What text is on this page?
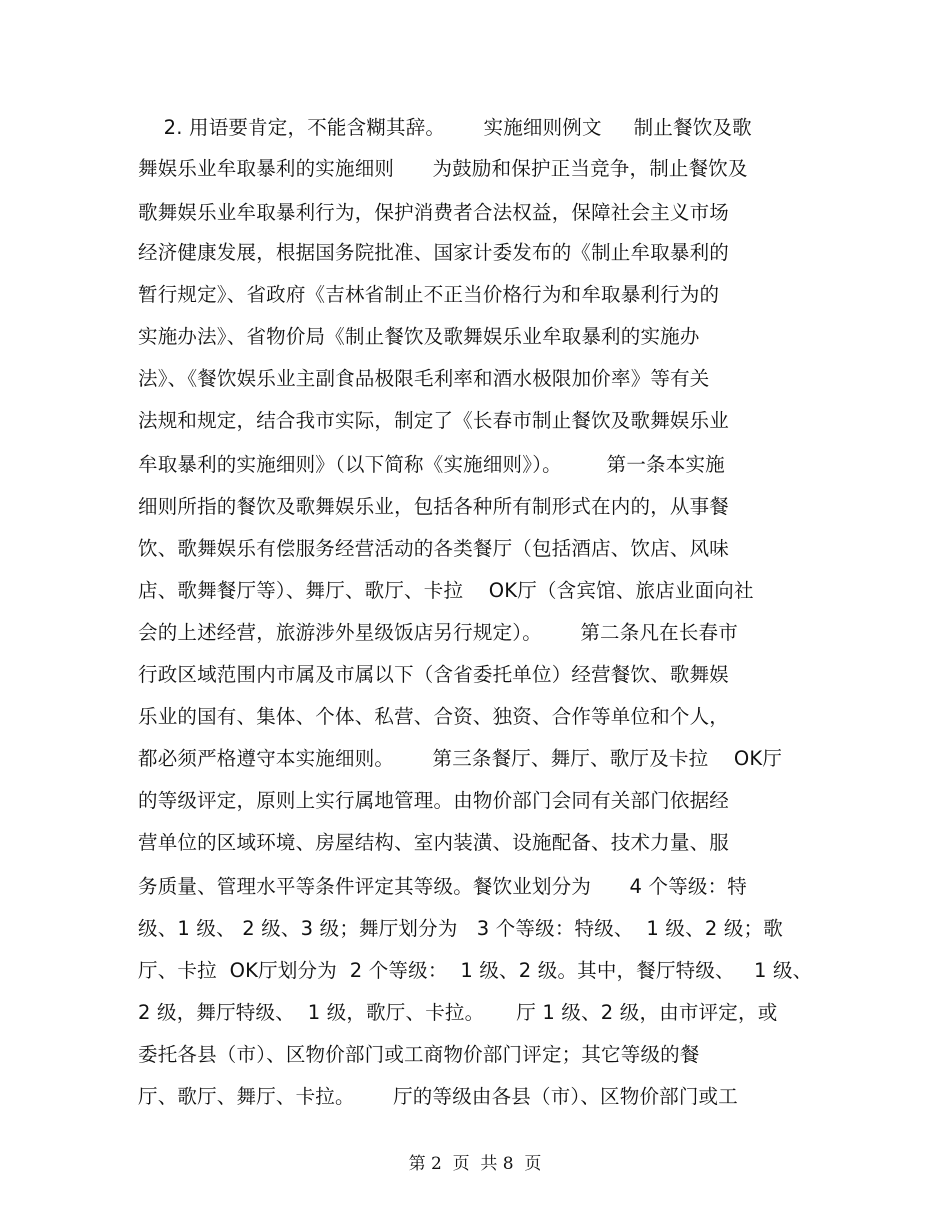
2. 用语要肯定，不能含糊其辞。      实施细则例文     制止餐饮及歌
舞娱乐业牟取暴利的实施细则      为鼓励和保护正当竞争，制止餐饮及
歌舞娱乐业牟取暴利行为，保护消费者合法权益，保障社会主义市场
经济健康发展，根据国务院批准、国家计委发布的《制止牟取暴利的
暂行规定》、省政府《吉林省制止不正当价格行为和牟取暴利行为的
实施办法》、省物价局《制止餐饮及歌舞娱乐业牟取暴利的实施办
法》、《餐饮娱乐业主副食品极限毛利率和酒水极限加价率》等有关
法规和规定，结合我市实际，制定了《长春市制止餐饮及歌舞娱乐业
牟取暴利的实施细则》（以下简称《实施细则》）。       第一条本实施
细则所指的餐饮及歌舞娱乐业，包括各种所有制形式在内的，从事餐
饮、歌舞娱乐有偿服务经营活动的各类餐厅（包括酒店、饮店、风味
店、歌舞餐厅等）、舞厅、歌厅、卡拉    OK厅（含宾馆、旅店业面向社
会的上述经营，旅游涉外星级饭店另行规定）。      第二条凡在长春市
行政区域范围内市属及市属以下（含省委托单位）经营餐饮、歌舞娱
乐业的国有、集体、个体、私营、合资、独资、合作等单位和个人，
都必须严格遵守本实施细则。      第三条餐厅、舞厅、歌厅及卡拉    OK厅
的等级评定，原则上实行属地管理。由物价部门会同有关部门依据经
营单位的区域环境、房屋结构、室内装潢、设施配备、技术力量、服
务质量、管理水平等条件评定其等级。餐饮业划分为      4 个等级：特
级、1 级、 2 级、3 级；舞厅划分为   3 个等级：特级、  1 级、2 级；歌
厅、卡拉  OK厅划分为  2 个等级：  1 级、2 级。其中，餐厅特级、   1 级、
2 级，舞厅特级、  1 级，歌厅、卡拉。     厅 1 级、2 级，由市评定，或
委托各县（市）、区物价部门或工商物价部门评定；其它等级的餐
厅、歌厅、舞厅、卡拉。      厅的等级由各县（市）、区物价部门或工
第 2  页  共 8  页
